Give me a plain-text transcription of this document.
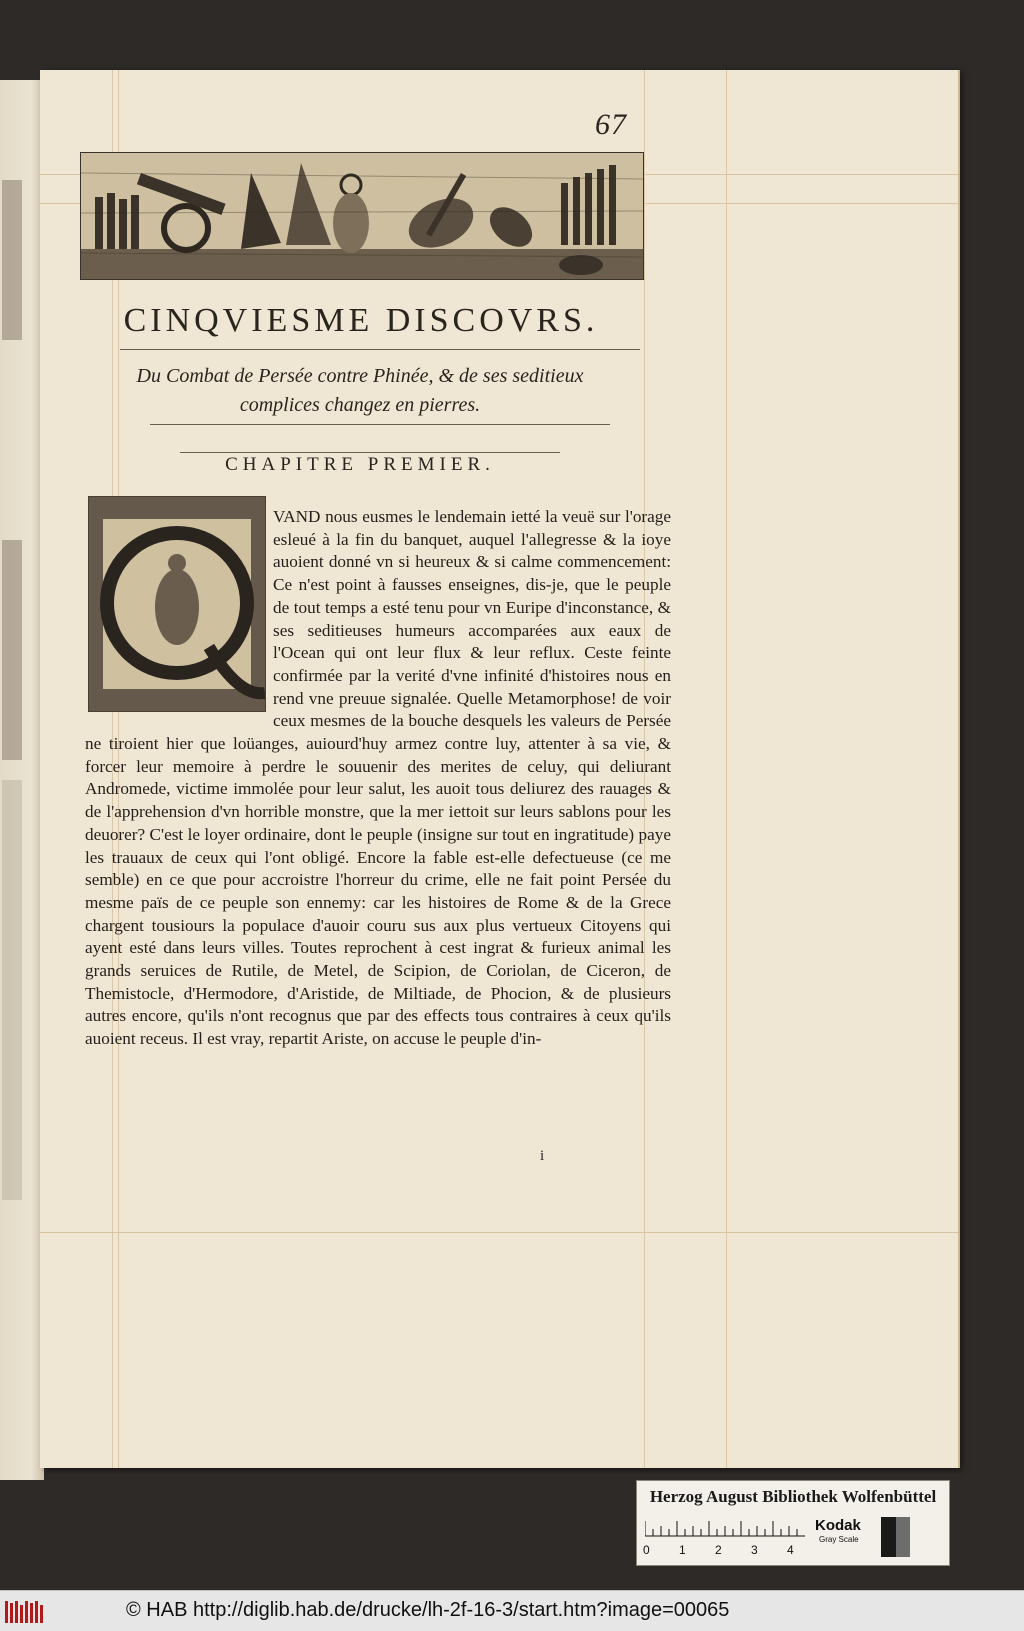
67
CINQVIESME DISCOVRS.
Du Combat de Persée contre Phinée, & de ses seditieux
complices changez en pierres.
CHAPITRE PREMIER.
VAND nous eusmes le lendemain ietté la veuë sur l'orage esleué à la fin du banquet, auquel l'allegresse & la ioye auoient donné vn si heureux & si calme commencement: Ce n'est point à fausses enseignes, dis-je, que le peuple de tout temps a esté tenu pour vn Euripe d'inconstance, & ses seditieuses humeurs accomparées aux eaux de l'Ocean qui ont leur flux & leur reflux. Ceste feinte confirmée par la verité d'vne infinité d'histoires nous en rend vne preuue signalée. Quelle Metamorphose! de voir ceux mesmes de la bouche desquels les valeurs de Persée ne tiroient hier que loüanges, auiourd'huy armez contre luy, attenter à sa vie, & forcer leur memoire à perdre le souuenir des merites de celuy, qui deliurant Andromede, victime immolée pour leur salut, les auoit tous deliurez des rauages & de l'apprehension d'vn horrible monstre, que la mer iettoit sur leurs sablons pour les deuorer? C'est le loyer ordinaire, dont le peuple (insigne sur tout en ingratitude) paye les trauaux de ceux qui l'ont obligé. Encore la fable est-elle defectueuse (ce me semble) en ce que pour accroistre l'horreur du crime, elle ne fait point Persée du mesme païs de ce peuple son ennemy: car les histoires de Rome & de la Grece chargent tousiours la populace d'auoir couru sus aux plus vertueux Citoyens qui ayent esté dans leurs villes. Toutes reprochent à cest ingrat & furieux animal les grands seruices de Rutile, de Metel, de Scipion, de Coriolan, de Ciceron, de Themistocle, d'Hermodore, d'Aristide, de Miltiade, de Phocion, & de plusieurs autres encore, qu'ils n'ont recognus que par des effects tous contraires à ceux qu'ils auoient receus. Il est vray, repartit Ariste, on accuse le peuple d'in-
i
Herzog August Bibliothek Wolfenbüttel
0 1 2 3 4
Kodak
Gray Scale
© HAB http://diglib.hab.de/drucke/lh-2f-16-3/start.htm?image=00065
